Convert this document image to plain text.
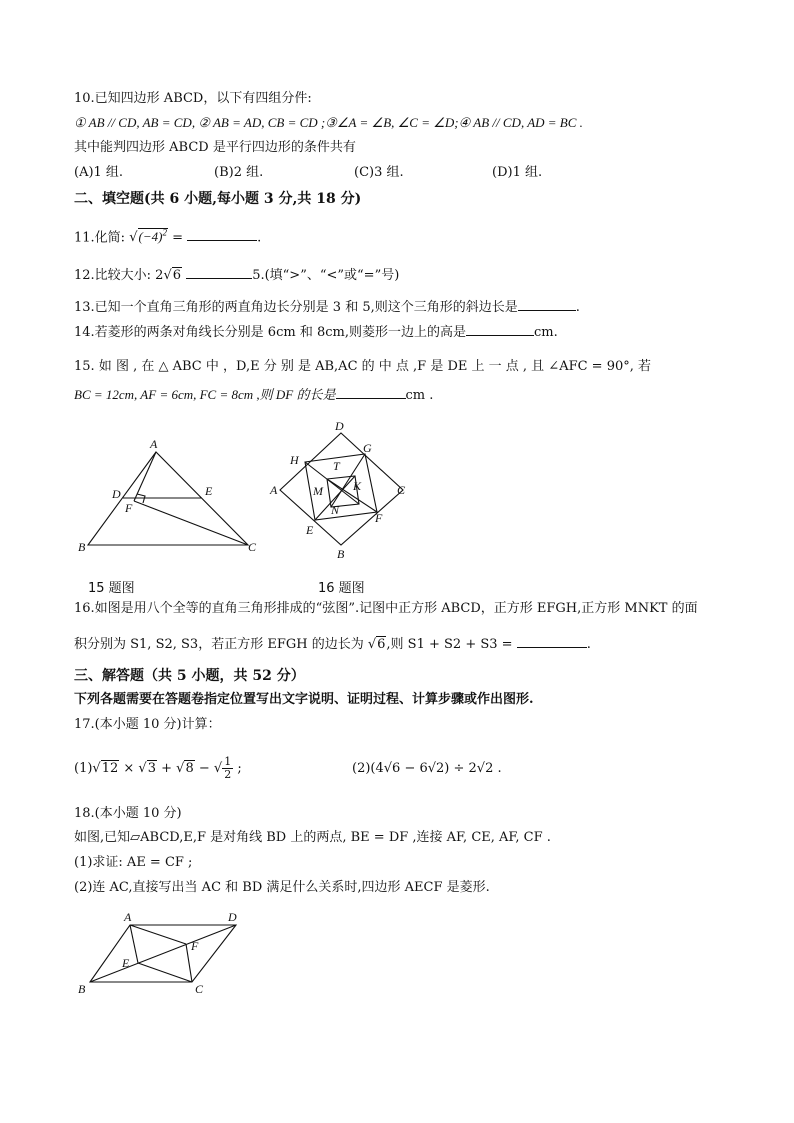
10.已知四边形 ABCD，以下有四组分件:
① AB // CD, AB = CD, ② AB = AD, CB = CD ;③∠A = ∠B, ∠C = ∠D;④ AB // CD, AD = BC .
其中能判四边形 ABCD 是平行四边形的条件共有
(A)1 组.	(B)2 组.	(C)3 组.	(D)1 组.
二、填空题(共 6 小题,每小题 3 分,共 18 分)
11.化简: $√(-4)^2$ =	.
12.比较大小: 2√6	5.(填“>”、“<”或“=”号)
13.已知一个直角三角形的两直角边长分别是 3 和 5,则这个三角形的斜边长是	.
14.若菱形的两条对角线长分别是 6cm 和 8cm,则菱形一边上的高是	cm.
15. 如 图 , 在 △ ABC 中 ，D,E 分 别 是 AB,AC 的 中 点 ,F 是 DE 上 一 点 , 且 ∠AFC = 90°, 若
BC = 12cm, AF = 6cm, FC = 8cm ,则 DF 的长是	cm .
A
D	E
F
B	C
D
G
H	T
A	M	K	C
N
E
F
B
15 题图	16 题图
16.如图是用八个全等的直角三角形排成的“弦图”.记图中正方形 ABCD，正方形 EFGH,正方形 MNKT 的面
积分别为 S1, S2, S3，若正方形 EFGH 的边长为 √6,则 S1 + S2 + S3 =	.
三、解答题（共 5 小题，共 52 分）
下列各题需要在答题卷指定位置写出文字说明、证明过程、计算步骤或作出图形.
17.(本小题 10 分)计算：
(1)√12 × √3 + √8 − √ $\frac{1}{2}$ ;	(2)(4√6 − 6√2) ÷ 2√2 .
18.(本小题 10 分)
如图,已知▱ABCD,E,F 是对角线 BD 上的两点, BE = DF ,连接 AF, CE, AF, CF .
(1)求证: AE = CF ;
(2)连 AC,直接写出当 AC 和 BD 满足什么关系时,四边形 AECF 是菱形.
A	D
E
F
B	C
